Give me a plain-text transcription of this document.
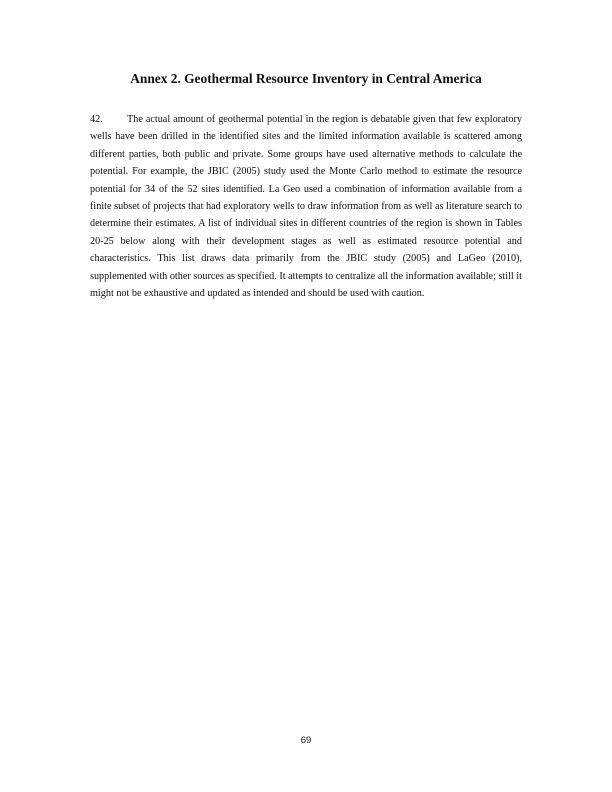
Annex 2. Geothermal Resource Inventory in Central America

42. The actual amount of geothermal potential in the region is debatable given that few exploratory wells have been drilled in the identified sites and the limited information available is scattered among different parties, both public and private. Some groups have used alternative methods to calculate the potential. For example, the JBIC (2005) study used the Monte Carlo method to estimate the resource potential for 34 of the 52 sites identified. La Geo used a combination of information available from a finite subset of projects that had exploratory wells to draw information from as well as literature search to determine their estimates. A list of individual sites in different countries of the region is shown in Tables 20-25 below along with their development stages as well as estimated resource potential and characteristics. This list draws data primarily from the JBIC study (2005) and LaGeo (2010), supplemented with other sources as specified. It attempts to centralize all the information available; still it might not be exhaustive and updated as intended and should be used with caution.

69
